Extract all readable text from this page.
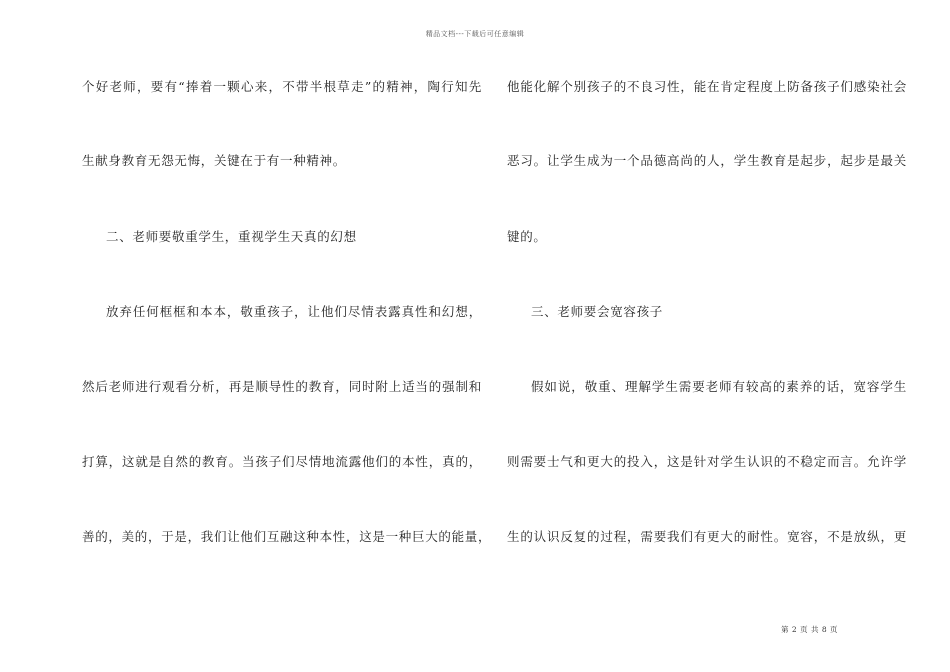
精品文档---下载后可任意编辑
个好老师，要有“捧着一颗心来，不带半根草走”的精神，陶行知先
生献身教育无怨无悔，关键在于有一种精神。
二、老师要敬重学生，重视学生天真的幻想
放弃任何框框和本本，敬重孩子，让他们尽情表露真性和幻想，
然后老师进行观看分析，再是顺导性的教育，同时附上适当的强制和
打算，这就是自然的教育。当孩子们尽情地流露他们的本性，真的，
善的，美的，于是，我们让他们互融这种本性，这是一种巨大的能量，
他能化解个别孩子的不良习性，能在肯定程度上防备孩子们感染社会
恶习。让学生成为一个品德高尚的人，学生教育是起步，起步是最关
键的。
三、老师要会宽容孩子
假如说，敬重、理解学生需要老师有较高的素养的话，宽容学生
则需要士气和更大的投入，这是针对学生认识的不稳定而言。允许学
生的认识反复的过程，需要我们有更大的耐性。宽容，不是放纵，更
第 2 页 共 8 页
